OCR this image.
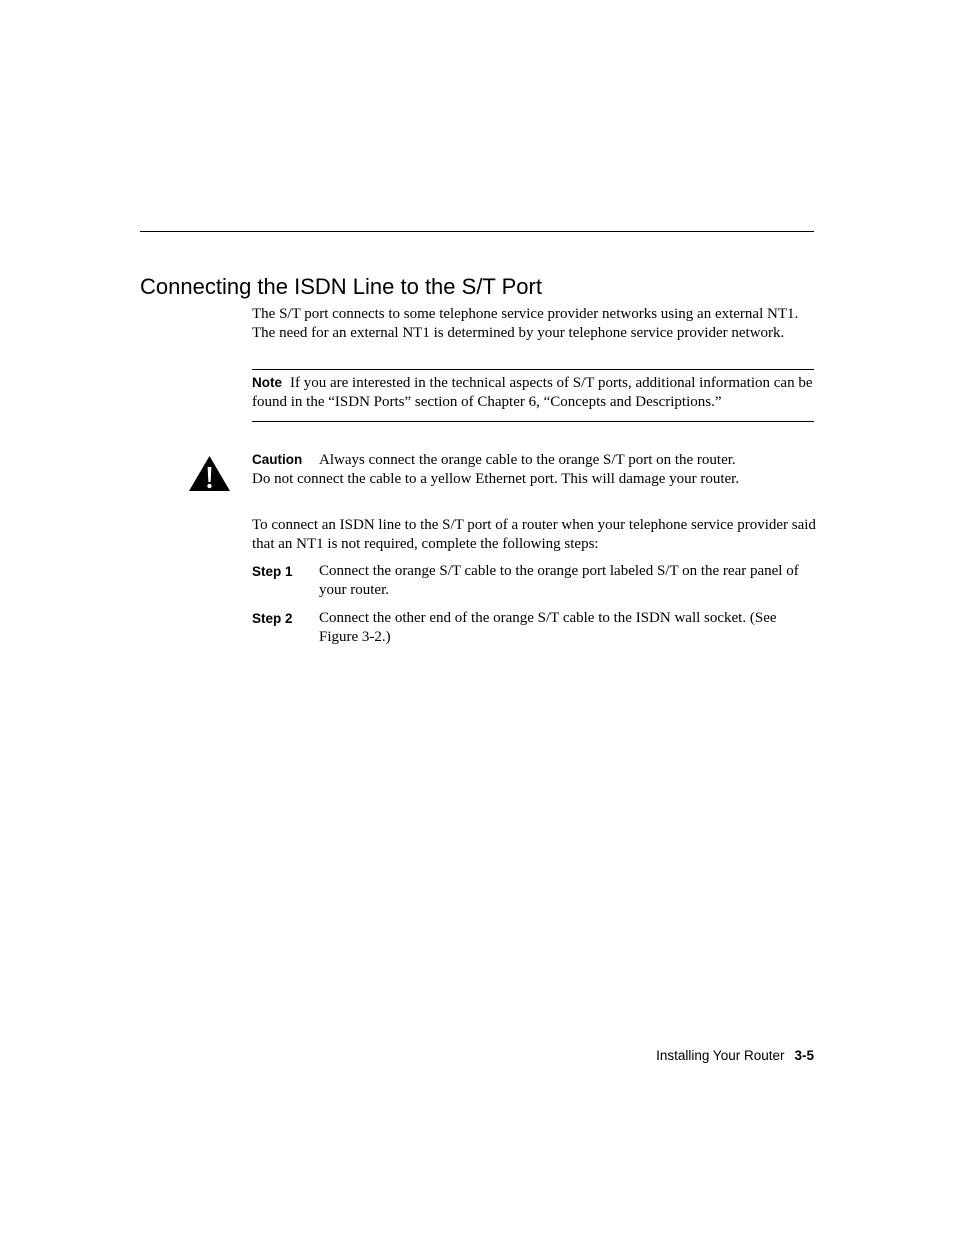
Connecting the ISDN Line to the S/T Port

The S/T port connects to some telephone service provider networks using an external NT1. The need for an external NT1 is determined by your telephone service provider network.

Note If you are interested in the technical aspects of S/T ports, additional information can be found in the “ISDN Ports” section of Chapter 6, “Concepts and Descriptions.”

Caution Always connect the orange cable to the orange S/T port on the router.
Do not connect the cable to a yellow Ethernet port. This will damage your router.

To connect an ISDN line to the S/T port of a router when your telephone service provider said that an NT1 is not required, complete the following steps:

Step 1 Connect the orange S/T cable to the orange port labeled S/T on the rear panel of your router.

Step 2 Connect the other end of the orange S/T cable to the ISDN wall socket. (See Figure 3-2.)

Installing Your Router 3-5
